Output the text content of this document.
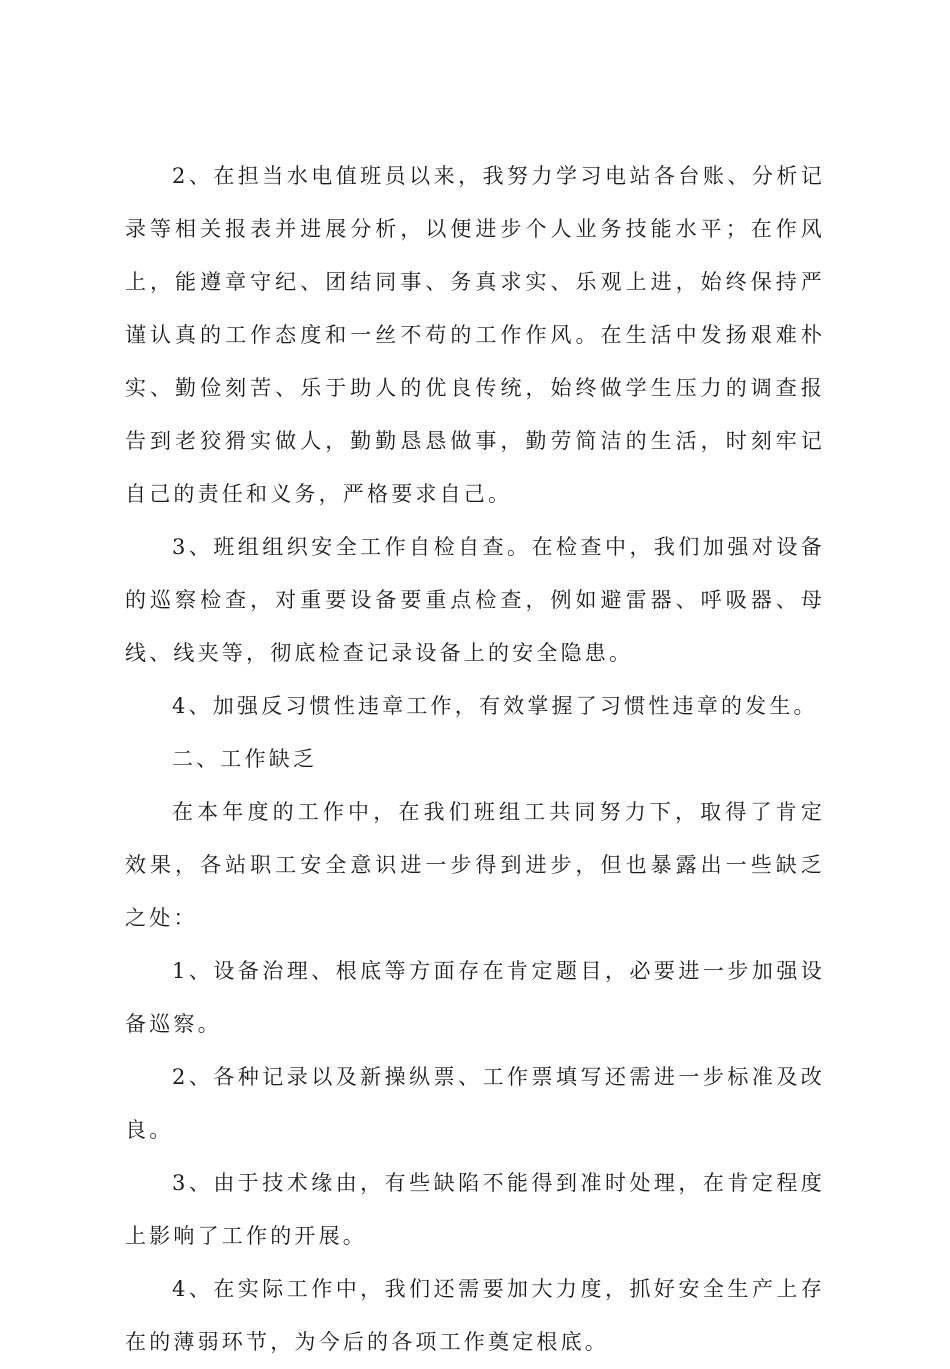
2、在担当水电值班员以来，我努力学习电站各台账、分析记录等相关报表并进展分析，以便进步个人业务技能水平；在作风上，能遵章守纪、团结同事、务真求实、乐观上进，始终保持严谨认真的工作态度和一丝不苟的工作作风。在生活中发扬艰难朴实、勤俭刻苦、乐于助人的优良传统，始终做学生压力的调查报告到老狡猾实做人，勤勤恳恳做事，勤劳简洁的生活，时刻牢记自己的责任和义务，严格要求自己。

3、班组组织安全工作自检自查。在检查中，我们加强对设备的巡察检查，对重要设备要重点检查，例如避雷器、呼吸器、母线、线夹等，彻底检查记录设备上的安全隐患。

4、加强反习惯性违章工作，有效掌握了习惯性违章的发生。

二、工作缺乏

在本年度的工作中，在我们班组工共同努力下，取得了肯定效果，各站职工安全意识进一步得到进步，但也暴露出一些缺乏之处：

1、设备治理、根底等方面存在肯定题目，必要进一步加强设备巡察。

2、各种记录以及新操纵票、工作票填写还需进一步标准及改良。

3、由于技术缘由，有些缺陷不能得到准时处理，在肯定程度上影响了工作的开展。

4、在实际工作中，我们还需要加大力度，抓好安全生产上存在的薄弱环节，为今后的各项工作奠定根底。
